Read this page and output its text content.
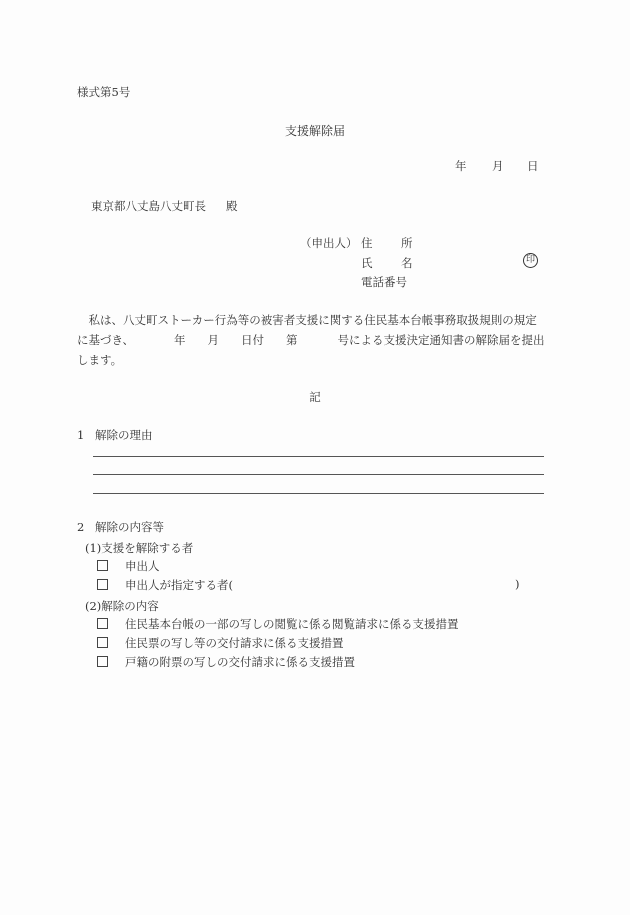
様式第5号
支援解除届
年 月 日
東京都八丈島八丈町長 殿
（申出人） 住 所
氏 名	印
電話番号
　私は、八丈町ストーカー行為等の被害者支援に関する住民基本台帳事務取扱規則の規定
に基づき、	年 月 日付 第	号による支援決定通知書の解除届を提出
します。
記
1 解除の理由
2 解除の内容等
(1)支援を解除する者
申出人
申出人が指定する者(	)
(2)解除の内容
住民基本台帳の一部の写しの閲覧に係る閲覧請求に係る支援措置
住民票の写し等の交付請求に係る支援措置
戸籍の附票の写しの交付請求に係る支援措置
